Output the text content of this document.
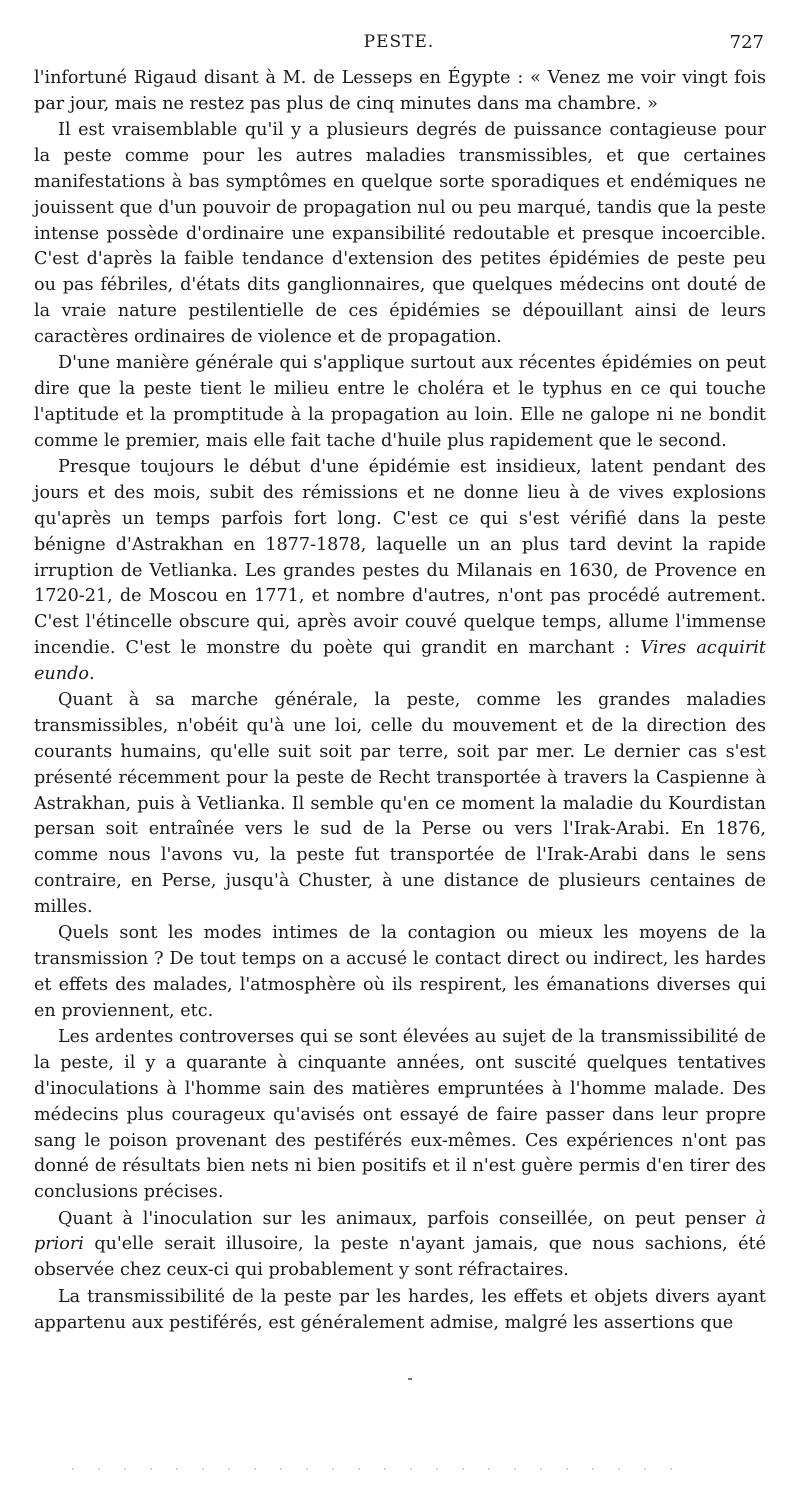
PESTE.	727

l'infortuné Rigaud disant à M. de Lesseps en Égypte : « Venez me voir vingt fois par jour, mais ne restez pas plus de cinq minutes dans ma chambre. »

Il est vraisemblable qu'il y a plusieurs degrés de puissance contagieuse pour la peste comme pour les autres maladies transmissibles, et que certaines manifestations à bas symptômes en quelque sorte sporadiques et endémiques ne jouissent que d'un pouvoir de propagation nul ou peu marqué, tandis que la peste intense possède d'ordinaire une expansibilité redoutable et presque incoercible. C'est d'après la faible tendance d'extension des petites épidémies de peste peu ou pas fébriles, d'états dits ganglionnaires, que quelques médecins ont douté de la vraie nature pestilentielle de ces épidémies se dépouillant ainsi de leurs caractères ordinaires de violence et de propagation.

D'une manière générale qui s'applique surtout aux récentes épidémies on peut dire que la peste tient le milieu entre le choléra et le typhus en ce qui touche l'aptitude et la promptitude à la propagation au loin. Elle ne galope ni ne bondit comme le premier, mais elle fait tache d'huile plus rapidement que le second.

Presque toujours le début d'une épidémie est insidieux, latent pendant des jours et des mois, subit des rémissions et ne donne lieu à de vives explosions qu'après un temps parfois fort long. C'est ce qui s'est vérifié dans la peste bénigne d'Astrakhan en 1877-1878, laquelle un an plus tard devint la rapide irruption de Vetlianka. Les grandes pestes du Milanais en 1630, de Provence en 1720-21, de Moscou en 1771, et nombre d'autres, n'ont pas procédé autrement. C'est l'étincelle obscure qui, après avoir couvé quelque temps, allume l'immense incendie. C'est le monstre du poète qui grandit en marchant : Vires acquirit eundo.

Quant à sa marche générale, la peste, comme les grandes maladies transmissibles, n'obéit qu'à une loi, celle du mouvement et de la direction des courants humains, qu'elle suit soit par terre, soit par mer. Le dernier cas s'est présenté récemment pour la peste de Recht transportée à travers la Caspienne à Astrakhan, puis à Vetlianka. Il semble qu'en ce moment la maladie du Kourdistan persan soit entraînée vers le sud de la Perse ou vers l'Irak-Arabi. En 1876, comme nous l'avons vu, la peste fut transportée de l'Irak-Arabi dans le sens contraire, en Perse, jusqu'à Chuster, à une distance de plusieurs centaines de milles.

Quels sont les modes intimes de la contagion ou mieux les moyens de la transmission ? De tout temps on a accusé le contact direct ou indirect, les hardes et effets des malades, l'atmosphère où ils respirent, les émanations diverses qui en proviennent, etc.

Les ardentes controverses qui se sont élevées au sujet de la transmissibilité de la peste, il y a quarante à cinquante années, ont suscité quelques tentatives d'inoculations à l'homme sain des matières empruntées à l'homme malade. Des médecins plus courageux qu'avisés ont essayé de faire passer dans leur propre sang le poison provenant des pestiférés eux-mêmes. Ces expériences n'ont pas donné de résultats bien nets ni bien positifs et il n'est guère permis d'en tirer des conclusions précises.

Quant à l'inoculation sur les animaux, parfois conseillée, on peut penser à priori qu'elle serait illusoire, la peste n'ayant jamais, que nous sachions, été observée chez ceux-ci qui probablement y sont réfractaires.

La transmissibilité de la peste par les hardes, les effets et objets divers ayant appartenu aux pestiférés, est généralement admise, malgré les assertions que
